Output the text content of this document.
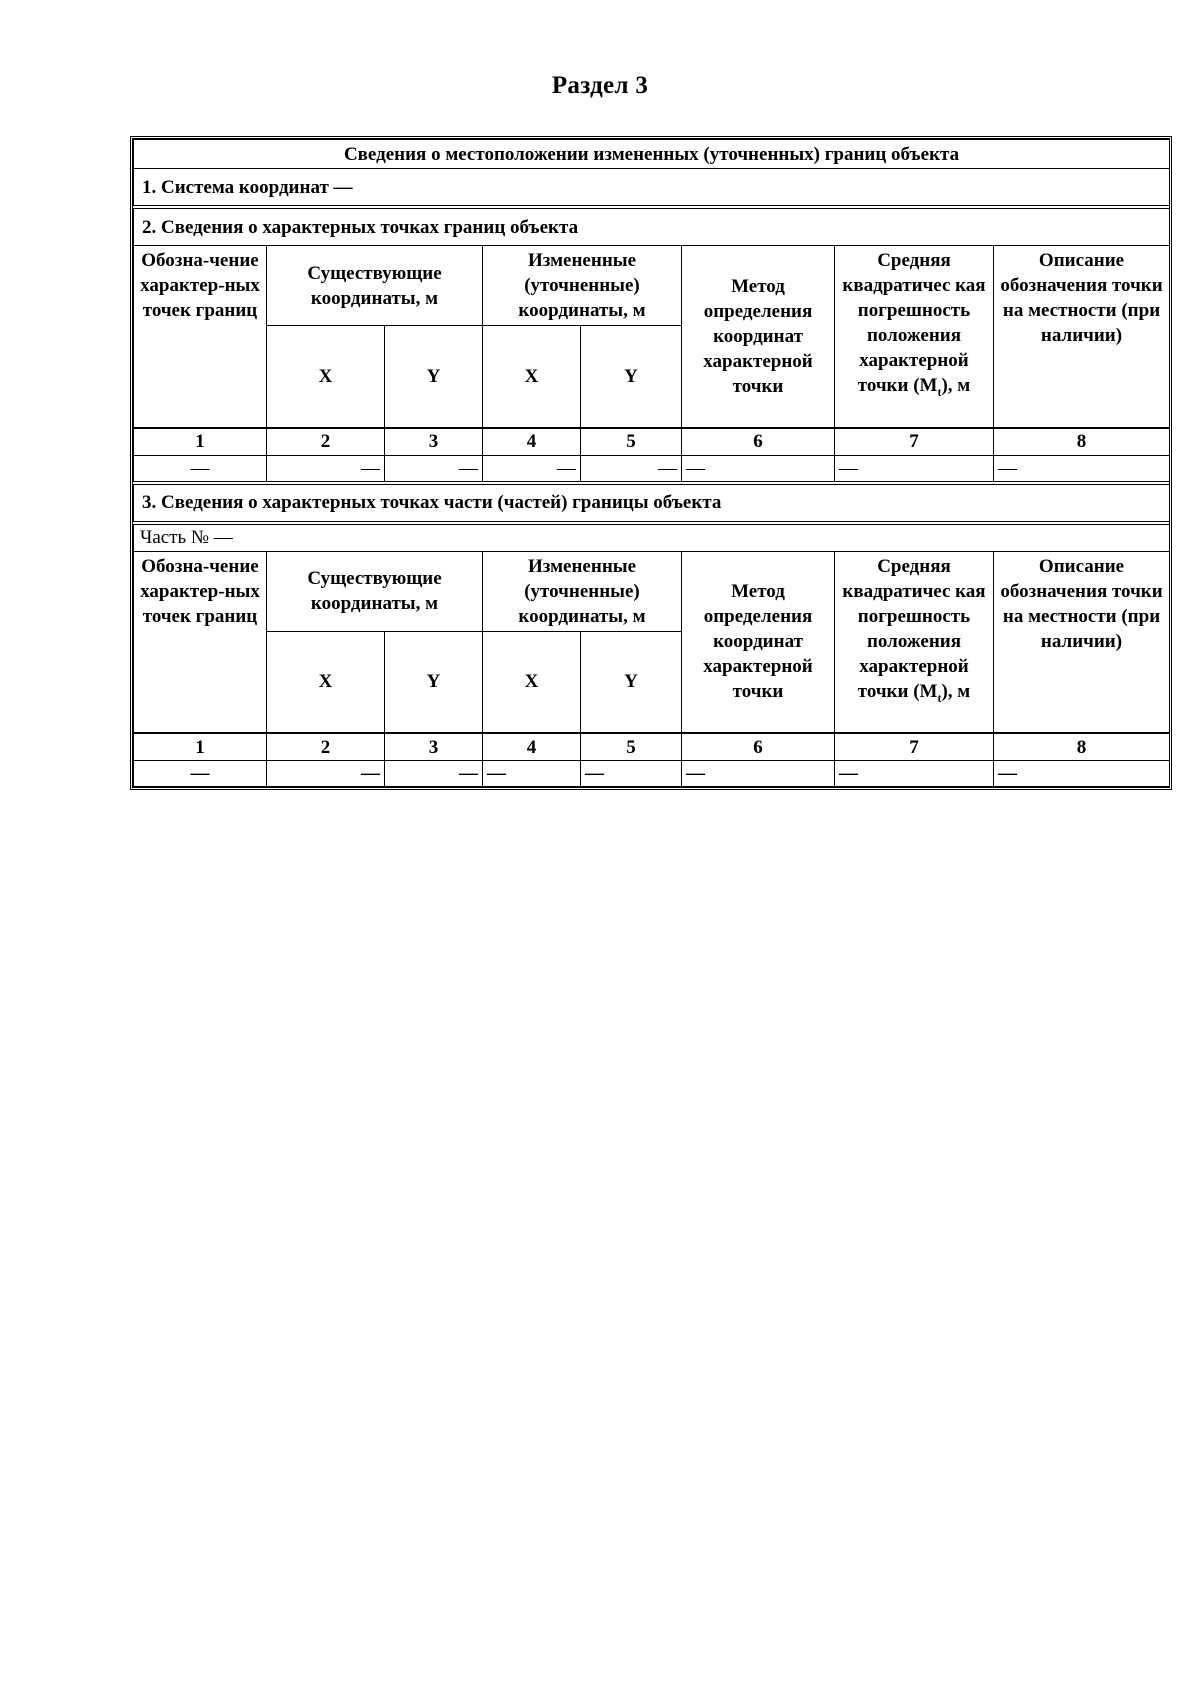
Раздел 3
Сведения о местоположении измененных (уточненных) границ объекта							
1. Система координат —							

2. Сведения о характерных точках границ объекта							
Обозна-чение характер-ных точек границ	Существующие координаты, м		Измененные (уточненные) координаты, м		Метод определения координат характерной точки	Средняя квадратичес кая погрешность положения характерной точки $(M_t)$, м	Описание обозначения точки на местности (при наличии)
	X	Y	X	Y			
1	2	3	4	5	6	7	8
—	—	—	—	—	—	—	—

3. Сведения о характерных точках части (частей) границы объекта							

Часть № —							
Обозна-чение характер-ных точек границ	Существующие координаты, м		Измененные (уточненные) координаты, м		Метод определения координат характерной точки	Средняя квадратичес кая погрешность положения характерной точки $(M_t)$, м	Описание обозначения точки на местности (при наличии)
	X	Y	X	Y			
1	2	3	4	5	6	7	8
—	—	—	—	—	—	—	—
